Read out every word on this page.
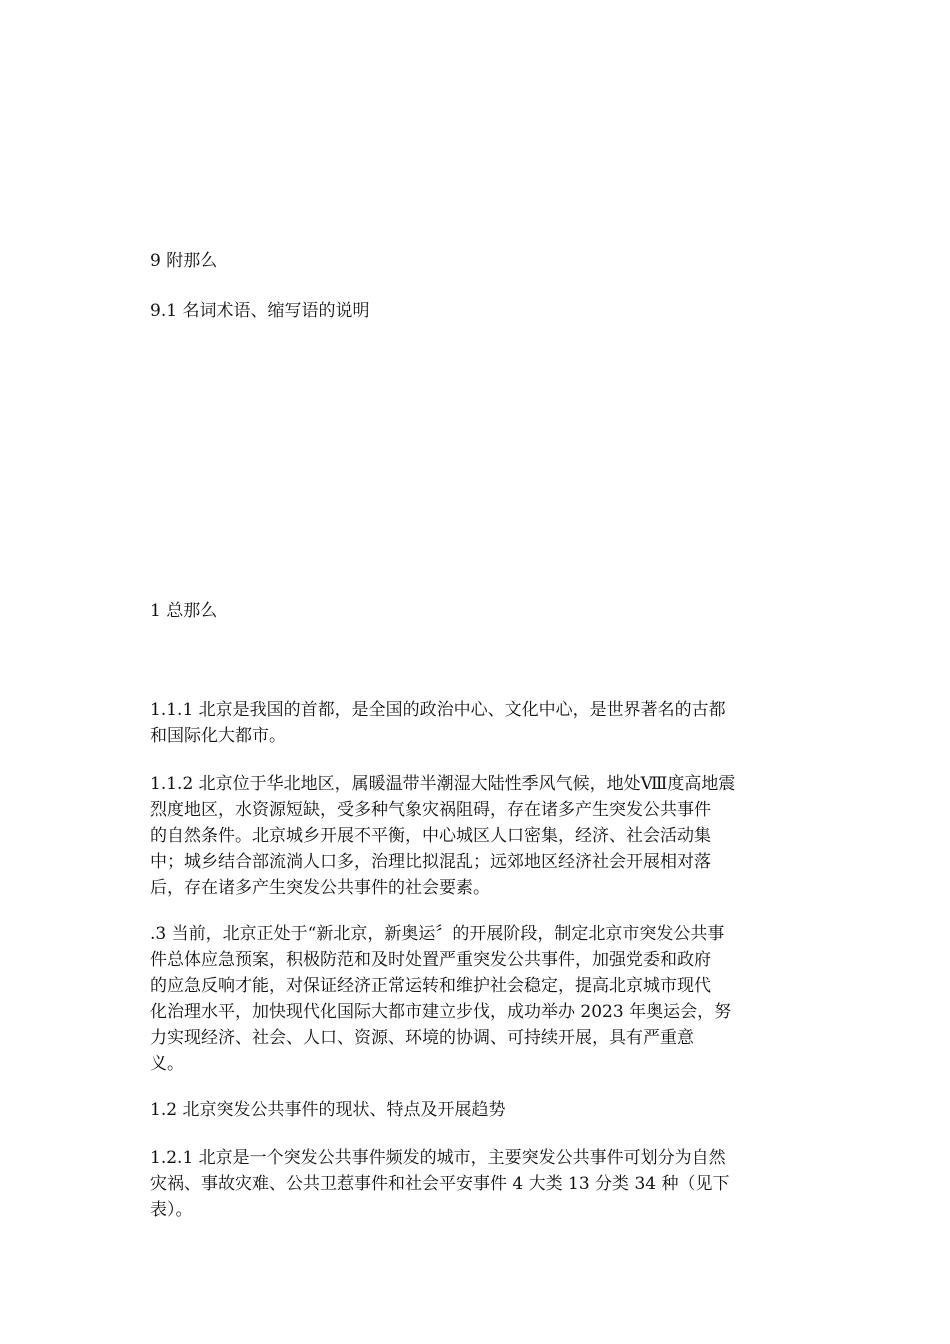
9 附那么

9.1 名词术语、缩写语的说明

1 总那么

1.1.1 北京是我国的首都，是全国的政治中心、文化中心，是世界著名的古都
和国际化大都市。
1.1.2 北京位于华北地区，属暖温带半潮湿大陆性季风气候，地处Ⅷ度高地震
烈度地区，水资源短缺，受多种气象灾祸阻碍，存在诸多产生突发公共事件
的自然条件。北京城乡开展不平衡，中心城区人口密集，经济、社会活动集
中；城乡结合部流淌人口多，治理比拟混乱；远郊地区经济社会开展相对落
后，存在诸多产生突发公共事件的社会要素。
.3 当前，北京正处于“新北京，新奥运〞的开展阶段，制定北京市突发公共事
件总体应急预案，积极防范和及时处置严重突发公共事件，加强党委和政府
的应急反响才能，对保证经济正常运转和维护社会稳定，提高北京城市现代
化治理水平，加快现代化国际大都市建立步伐，成功举办 2023 年奥运会，努
力实现经济、社会、人口、资源、环境的协调、可持续开展，具有严重意
义。

1.2 北京突发公共事件的现状、特点及开展趋势

1.2.1 北京是一个突发公共事件频发的城市，主要突发公共事件可划分为自然
灾祸、事故灾难、公共卫惹事件和社会平安事件 4 大类 13 分类 34 种（见下
表）。
